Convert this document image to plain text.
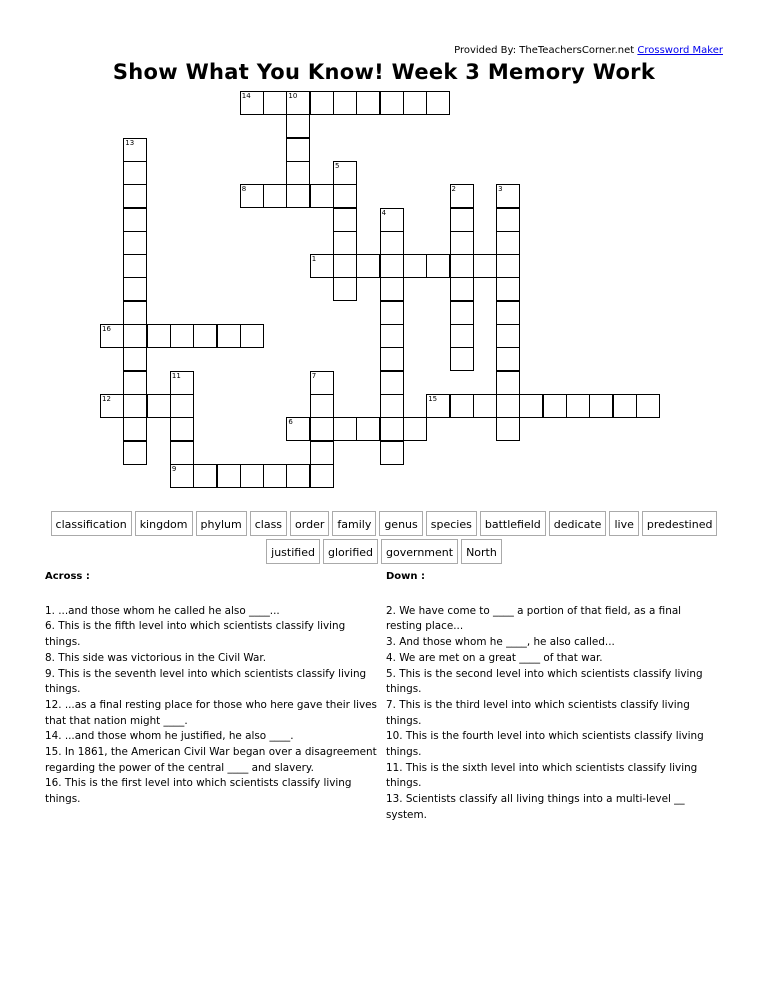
Provided By: TheTeachersCorner.net Crossword Maker
Show What You Know! Week 3 Memory Work
1
6
8
9
12
14	10
15
16
2	3
4
5
7
11
13
classification	kingdom	phylum	class	order	family	genus	species	battlefield	dedicate	live	predestined
justified	glorified	government	North
Across :
1. ...and those whom he called he also ____...
6. This is the fifth level into which scientists classify living things.
8. This side was victorious in the Civil War.
9. This is the seventh level into which scientists classify living things.
12. ...as a final resting place for those who here gave their lives that that nation might ____.
14. ...and those whom he justified, he also ____.
15. In 1861, the American Civil War began over a disagreement regarding the power of the central ____ and slavery.
16. This is the first level into which scientists classify living things.
Down :
2. We have come to ____ a portion of that field, as a final resting place...
3. And those whom he ____, he also called...
4. We are met on a great ____ of that war.
5. This is the second level into which scientists classify living things.
7. This is the third level into which scientists classify living things.
10. This is the fourth level into which scientists classify living things.
11. This is the sixth level into which scientists classify living things.
13. Scientists classify all living things into a multi-level __ system.
